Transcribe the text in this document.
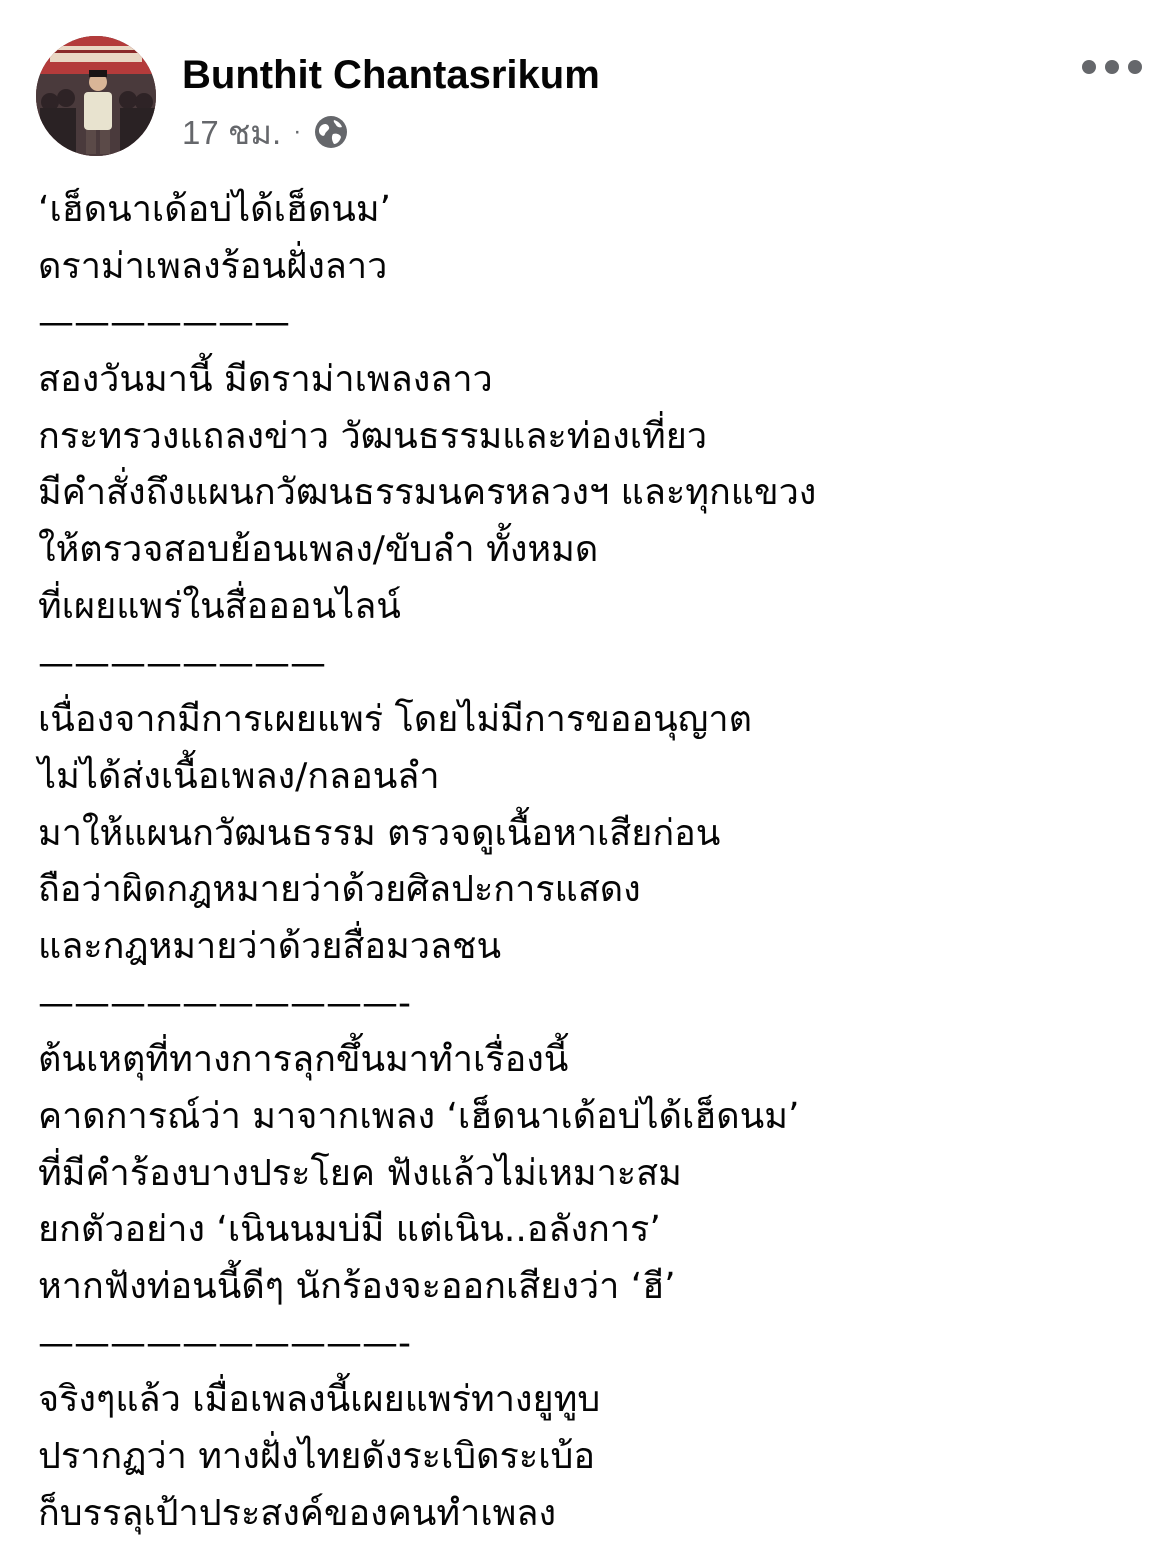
Bunthit Chantasrikum
17 ชม. ·
‘เฮ็ดนาเด้อบ่ได้เฮ็ดนม’
ดราม่าเพลงร้อนฝั่งลาว
———————
สองวันมานี้ มีดราม่าเพลงลาว
กระทรวงแถลงข่าว วัฒนธรรมและท่องเที่ยว
มีคำสั่งถึงแผนกวัฒนธรรมนครหลวงฯ และทุกแขวง
ให้ตรวจสอบย้อนเพลง/ขับลำ ทั้งหมด
ที่เผยแพร่ในสื่อออนไลน์
————————
เนื่องจากมีการเผยแพร่ โดยไม่มีการขออนุญาต
ไม่ได้ส่งเนื้อเพลง/กลอนลำ
มาให้แผนกวัฒนธรรม ตรวจดูเนื้อหาเสียก่อน
ถือว่าผิดกฎหมายว่าด้วยศิลปะการแสดง
และกฎหมายว่าด้วยสื่อมวลชน
——————————-
ต้นเหตุที่ทางการลุกขึ้นมาทำเรื่องนี้
คาดการณ์ว่า มาจากเพลง ‘เฮ็ดนาเด้อบ่ได้เฮ็ดนม’
ที่มีคำร้องบางประโยค ฟังแล้วไม่เหมาะสม
ยกตัวอย่าง ‘เนินนมบ่มี แต่เนิน..อลังการ’
หากฟังท่อนนี้ดีๆ นักร้องจะออกเสียงว่า ‘ฮี’
——————————-
จริงๆแล้ว เมื่อเพลงนี้เผยแพร่ทางยูทูบ
ปรากฏว่า ทางฝั่งไทยดังระเบิดระเบ้อ
ก็บรรลุเป้าประสงค์ของคนทำเพลง
